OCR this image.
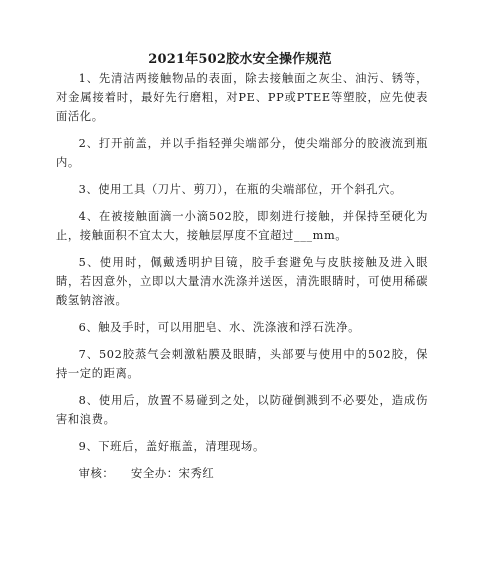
2021年502胶水安全操作规范

1、先清洁两接触物品的表面，除去接触面之灰尘、油污、锈等，对金属接着时，最好先行磨粗，对PE、PP或PTEE等塑胶，应先使表面活化。

2、打开前盖，并以手指轻弹尖端部分，使尖端部分的胶液流到瓶内。

3、使用工具（刀片、剪刀），在瓶的尖端部位，开个斜孔穴。

4、在被接触面滴一小滴502胶，即刻进行接触，并保持至硬化为止，接触面积不宜太大，接触层厚度不宜超过___mm。

5、使用时，佩戴透明护目镜，胶手套避免与皮肤接触及进入眼睛，若因意外，立即以大量清水洗涤并送医，清洗眼睛时，可使用稀碳酸氢钠溶液。

6、触及手时，可以用肥皂、水、洗涤液和浮石洗净。

7、502胶蒸气会刺激粘膜及眼睛，头部要与使用中的502胶，保持一定的距离。

8、使用后，放置不易碰到之处，以防碰倒溅到不必要处，造成伤害和浪费。

9、下班后，盖好瓶盖，清理现场。

审核：    安全办：宋秀红
